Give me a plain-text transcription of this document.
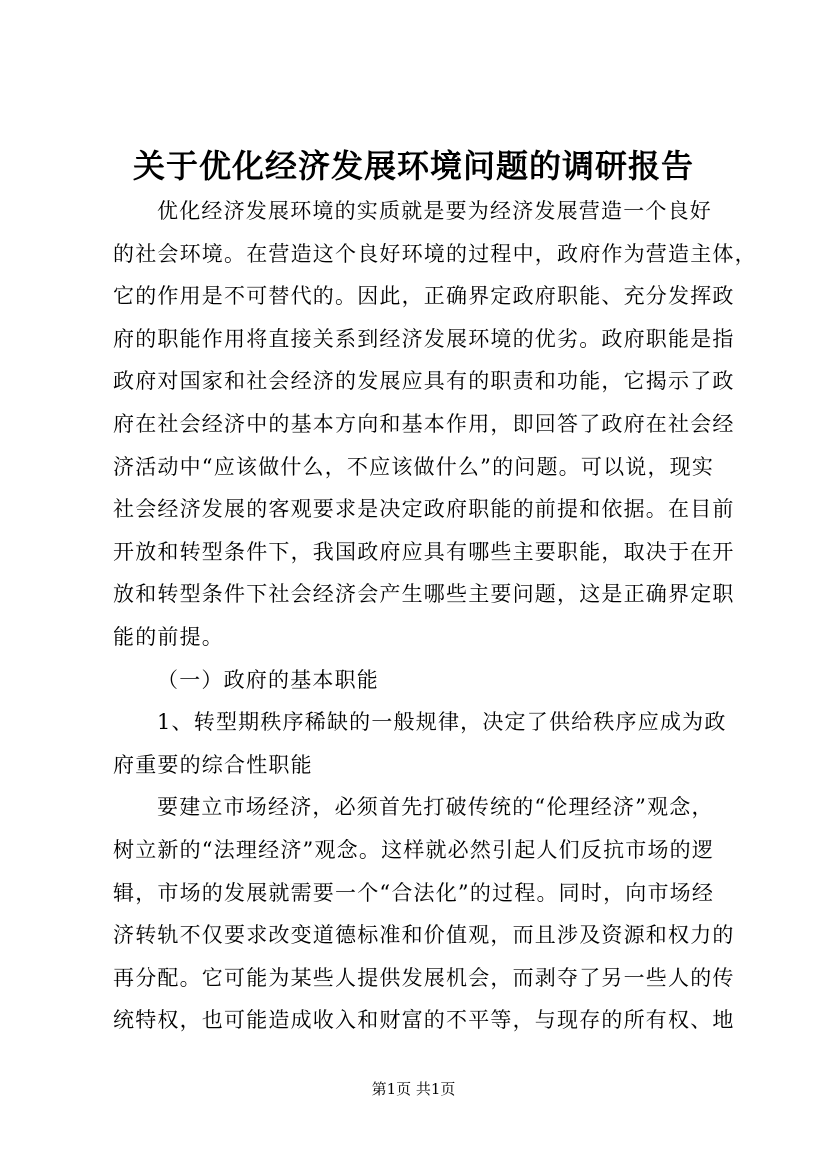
关于优化经济发展环境问题的调研报告
优化经济发展环境的实质就是要为经济发展营造一个良好
的社会环境。在营造这个良好环境的过程中，政府作为营造主体，
它的作用是不可替代的。因此，正确界定政府职能、充分发挥政
府的职能作用将直接关系到经济发展环境的优劣。政府职能是指
政府对国家和社会经济的发展应具有的职责和功能，它揭示了政
府在社会经济中的基本方向和基本作用，即回答了政府在社会经
济活动中“应该做什么，不应该做什么”的问题。可以说，现实
社会经济发展的客观要求是决定政府职能的前提和依据。在目前
开放和转型条件下，我国政府应具有哪些主要职能，取决于在开
放和转型条件下社会经济会产生哪些主要问题，这是正确界定职
能的前提。
（一）政府的基本职能
1、转型期秩序稀缺的一般规律，决定了供给秩序应成为政
府重要的综合性职能
要建立市场经济，必须首先打破传统的“伦理经济”观念，
树立新的“法理经济”观念。这样就必然引起人们反抗市场的逻
辑，市场的发展就需要一个“合法化”的过程。同时，向市场经
济转轨不仅要求改变道德标准和价值观，而且涉及资源和权力的
再分配。它可能为某些人提供发展机会，而剥夺了另一些人的传
统特权，也可能造成收入和财富的不平等，与现存的所有权、地
第1页 共1页
